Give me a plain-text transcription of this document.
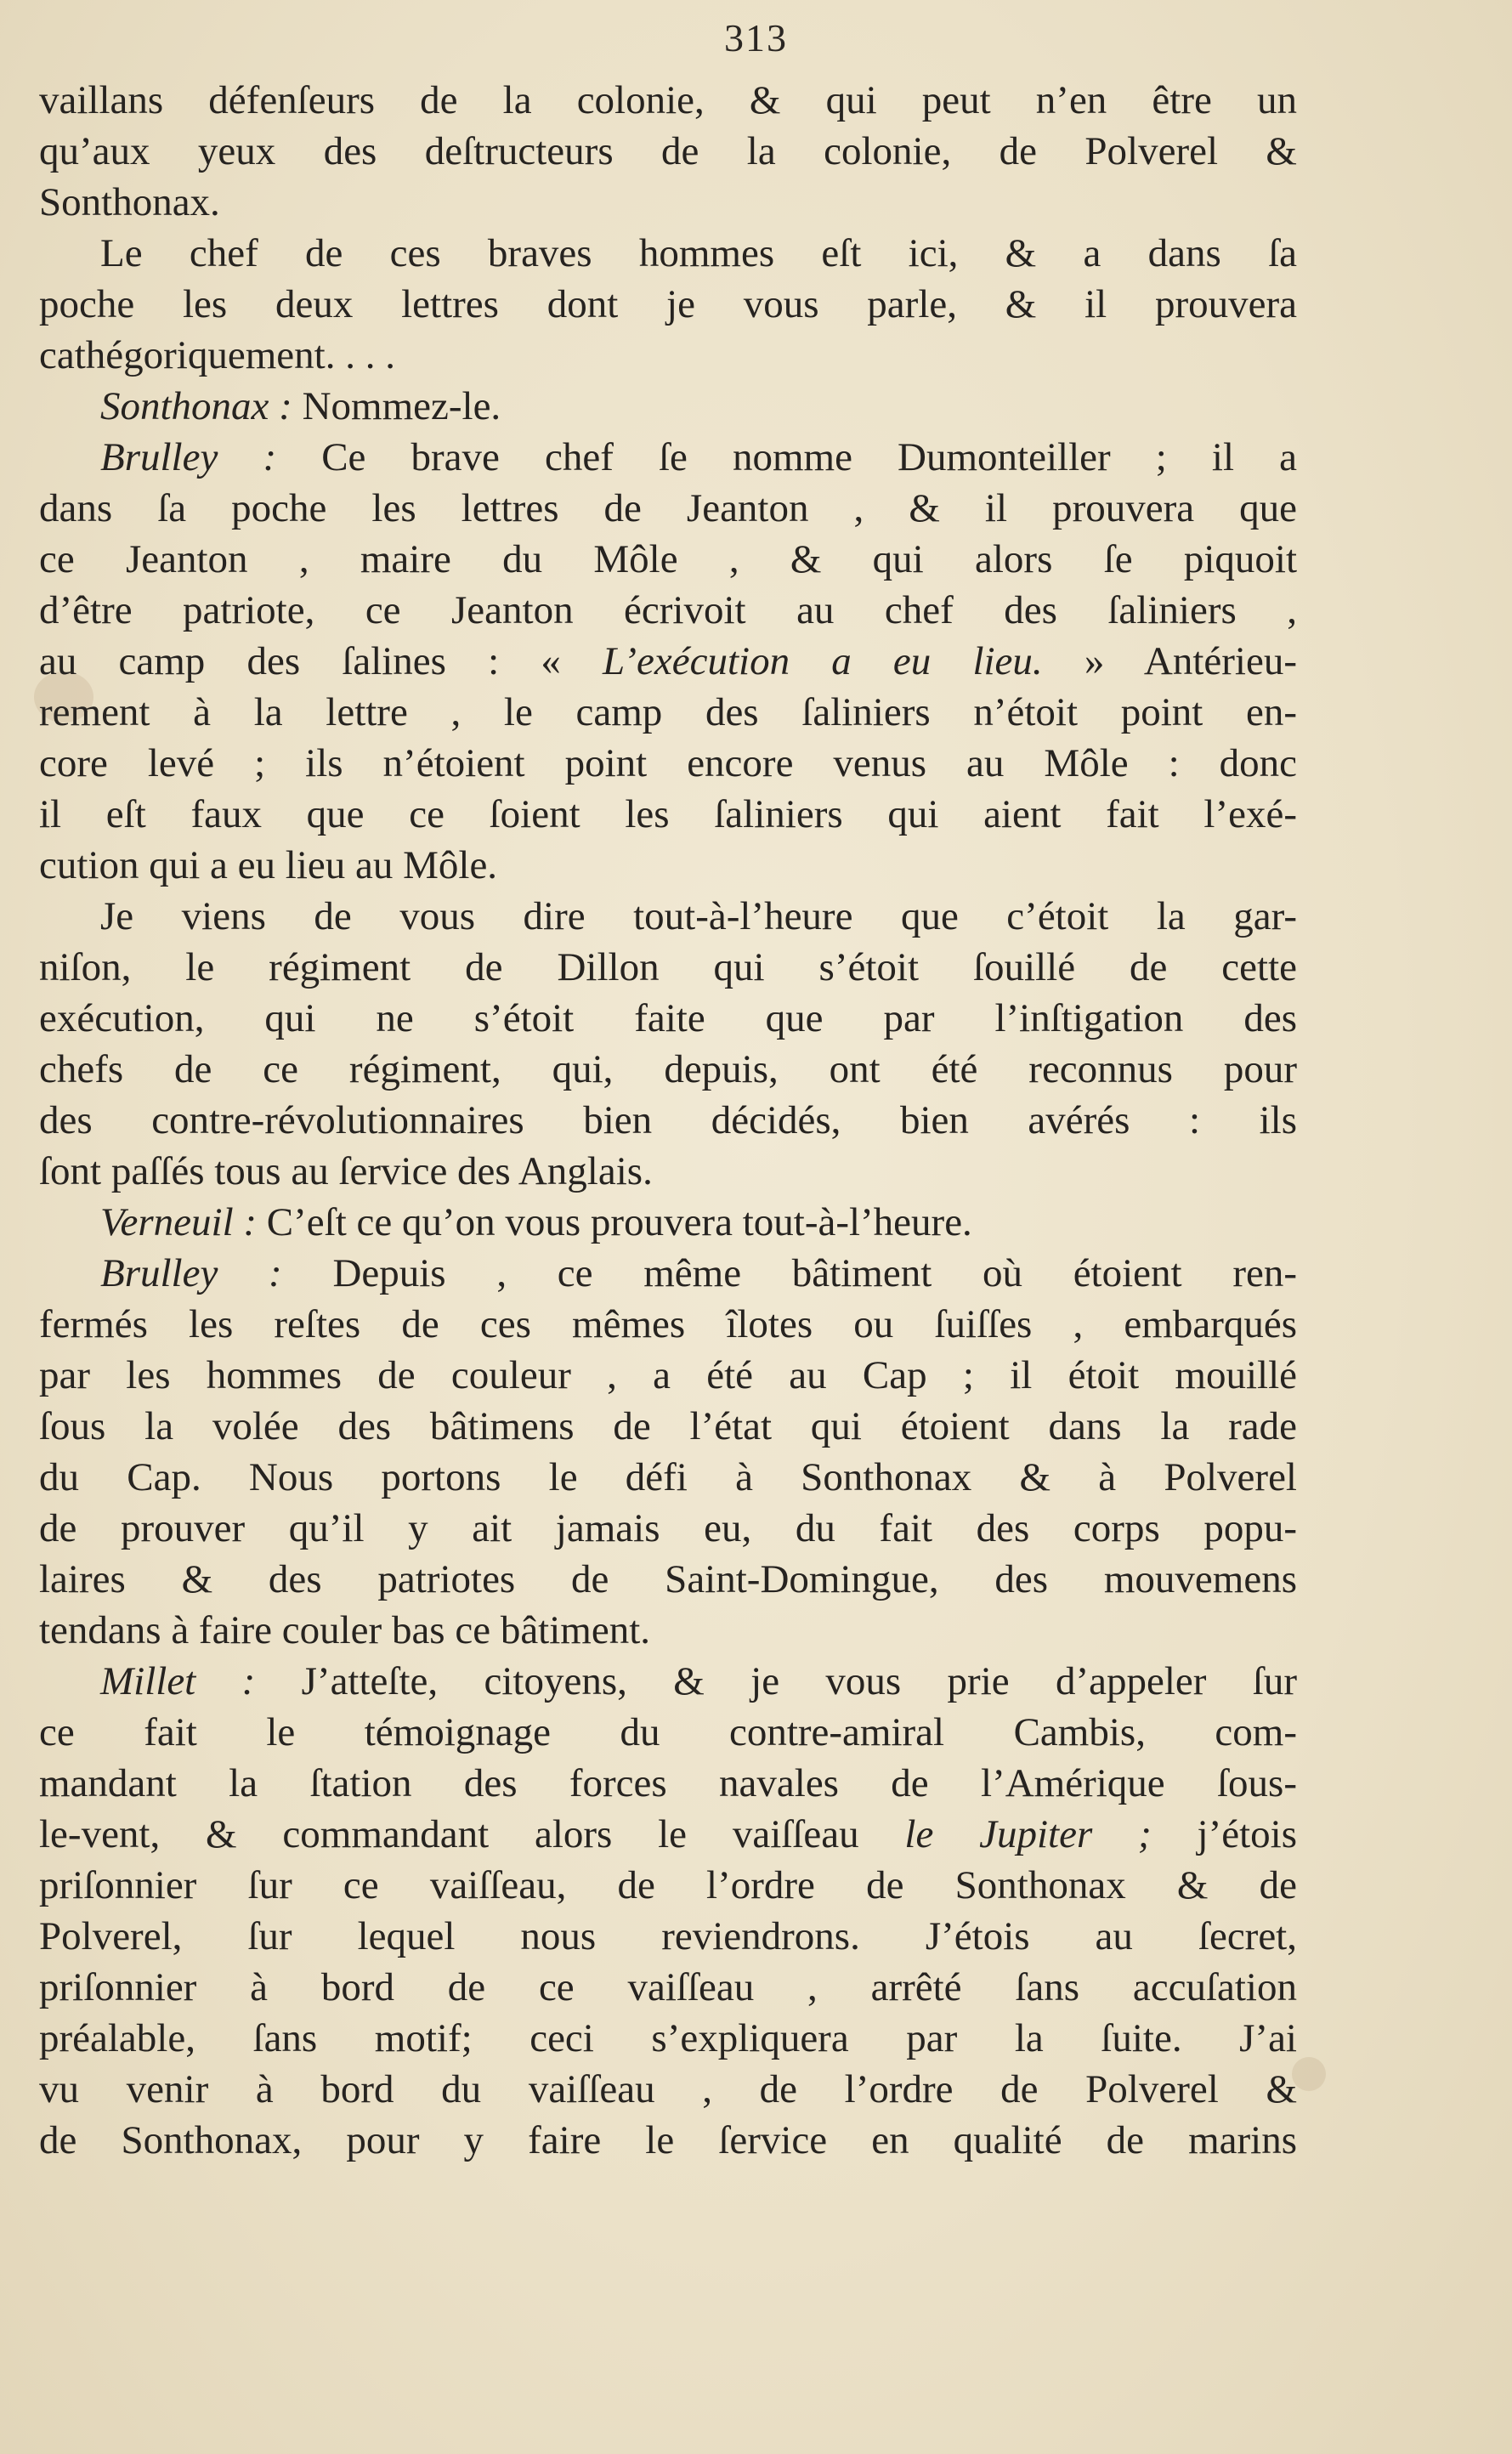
313
vaillans défenſeurs de la colonie, & qui peut n’en être un
qu’aux yeux des deſtructeurs de la colonie, de Polverel &
Sonthonax.
Le chef de ces braves hommes eſt ici, & a dans ſa
poche les deux lettres dont je vous parle, & il prouvera
cathégoriquement. . . .
Sonthonax : Nommez-le.
Brulley : Ce brave chef ſe nomme Dumonteiller ; il a
dans ſa poche les lettres de Jeanton , & il prouvera que
ce Jeanton , maire du Môle , & qui alors ſe piquoit
d’être patriote, ce Jeanton écrivoit au chef des ſaliniers ,
au camp des ſalines : « L’exécution a eu lieu. » Antérieu-
rement à la lettre , le camp des ſaliniers n’étoit point en-
core levé ; ils n’étoient point encore venus au Môle : donc
il eſt faux que ce ſoient les ſaliniers qui aient fait l’exé-
cution qui a eu lieu au Môle.
Je viens de vous dire tout-à-l’heure que c’étoit la gar-
niſon, le régiment de Dillon qui s’étoit ſouillé de cette
exécution, qui ne s’étoit faite que par l’inſtigation des
chefs de ce régiment, qui, depuis, ont été reconnus pour
des contre-révolutionnaires bien décidés, bien avérés : ils
ſont paſſés tous au ſervice des Anglais.
Verneuil : C’eſt ce qu’on vous prouvera tout-à-l’heure.
Brulley : Depuis , ce même bâtiment où étoient ren-
fermés les reſtes de ces mêmes îlotes ou ſuiſſes , embarqués
par les hommes de couleur , a été au Cap ; il étoit mouillé
ſous la volée des bâtimens de l’état qui étoient dans la rade
du Cap. Nous portons le défi à Sonthonax & à Polverel
de prouver qu’il y ait jamais eu, du fait des corps popu-
laires & des patriotes de Saint-Domingue, des mouvemens
tendans à faire couler bas ce bâtiment.
Millet : J’atteſte, citoyens, & je vous prie d’appeler ſur
ce fait le témoignage du contre-amiral Cambis, com-
mandant la ſtation des forces navales de l’Amérique ſous-
le-vent, & commandant alors le vaiſſeau le Jupiter ; j’étois
priſonnier ſur ce vaiſſeau, de l’ordre de Sonthonax & de
Polverel, ſur lequel nous reviendrons. J’étois au ſecret,
priſonnier à bord de ce vaiſſeau , arrêté ſans accuſation
préalable, ſans motif; ceci s’expliquera par la ſuite. J’ai
vu venir à bord du vaiſſeau , de l’ordre de Polverel &
de Sonthonax, pour y faire le ſervice en qualité de marins
